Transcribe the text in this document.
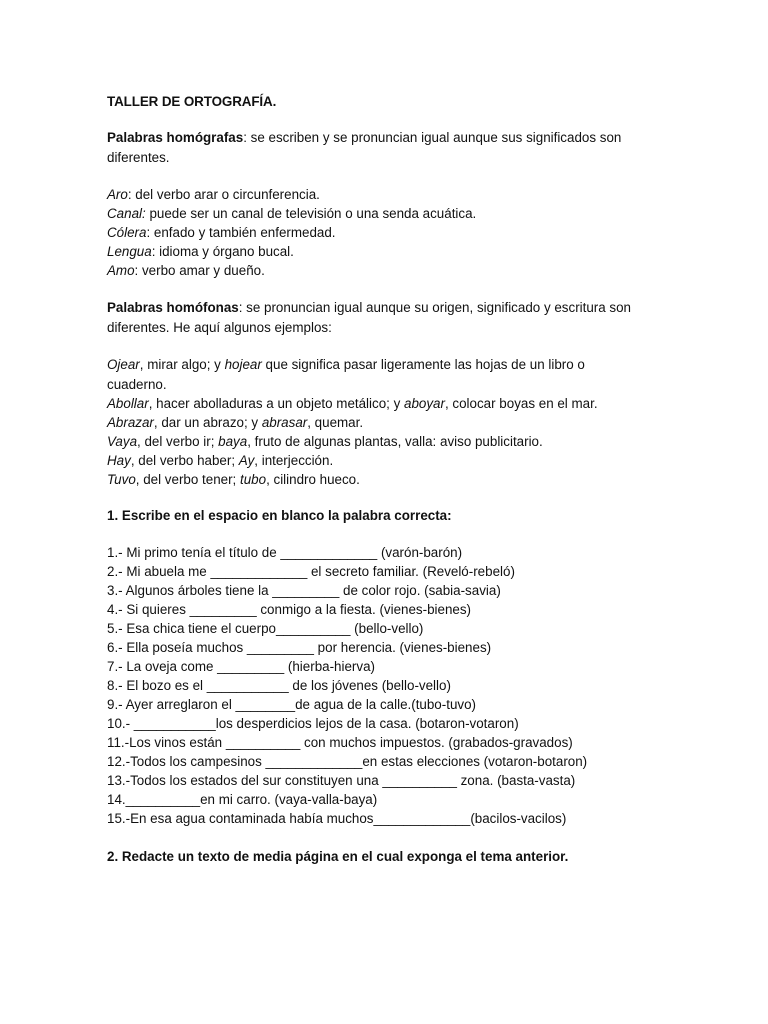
TALLER DE ORTOGRAFÍA.

Palabras homógrafas: se escriben y se pronuncian igual aunque sus significados son
diferentes.

Aro: del verbo arar o circunferencia.

Canal: puede ser un canal de televisión o una senda acuática.

Cólera: enfado y también enfermedad.

Lengua: idioma y órgano bucal.

Amo: verbo amar y dueño.

Palabras homófonas: se pronuncian igual aunque su origen, significado y escritura son
diferentes. He aquí algunos ejemplos:

Ojear, mirar algo; y hojear que significa pasar ligeramente las hojas de un libro o

cuaderno.

Abollar, hacer abolladuras a un objeto metálico; y aboyar, colocar boyas en el mar.

Abrazar, dar un abrazo; y abrasar, quemar.

Vaya, del verbo ir; baya, fruto de algunas plantas, valla: aviso publicitario.

Hay, del verbo haber; Ay, interjección.

Tuvo, del verbo tener; tubo, cilindro hueco.

1. Escribe en el espacio en blanco la palabra correcta:

1.- Mi primo tenía el título de _____________ (varón-barón)

2.- Mi abuela me _____________ el secreto familiar. (Reveló-rebeló)

3.- Algunos árboles tiene la _________ de color rojo. (sabia-savia)

4.- Si quieres _________ conmigo a la fiesta. (vienes-bienes)

5.- Esa chica tiene el cuerpo__________ (bello-vello)

6.- Ella poseía muchos _________ por herencia. (vienes-bienes)

7.- La oveja come _________ (hierba-hierva)

8.- El bozo es el ___________ de los jóvenes (bello-vello)

9.- Ayer arreglaron el ________de agua de la calle.(tubo-tuvo)

10.- ___________los desperdicios lejos de la casa. (botaron-votaron)

11.-Los vinos están __________ con muchos impuestos. (grabados-gravados)

12.-Todos los campesinos _____________en estas elecciones (votaron-botaron)

13.-Todos los estados del sur constituyen una __________ zona. (basta-vasta)

14.__________en mi carro. (vaya-valla-baya)

15.-En esa agua contaminada había muchos_____________(bacilos-vacilos)

2. Redacte un texto de media página en el cual exponga el tema anterior.
